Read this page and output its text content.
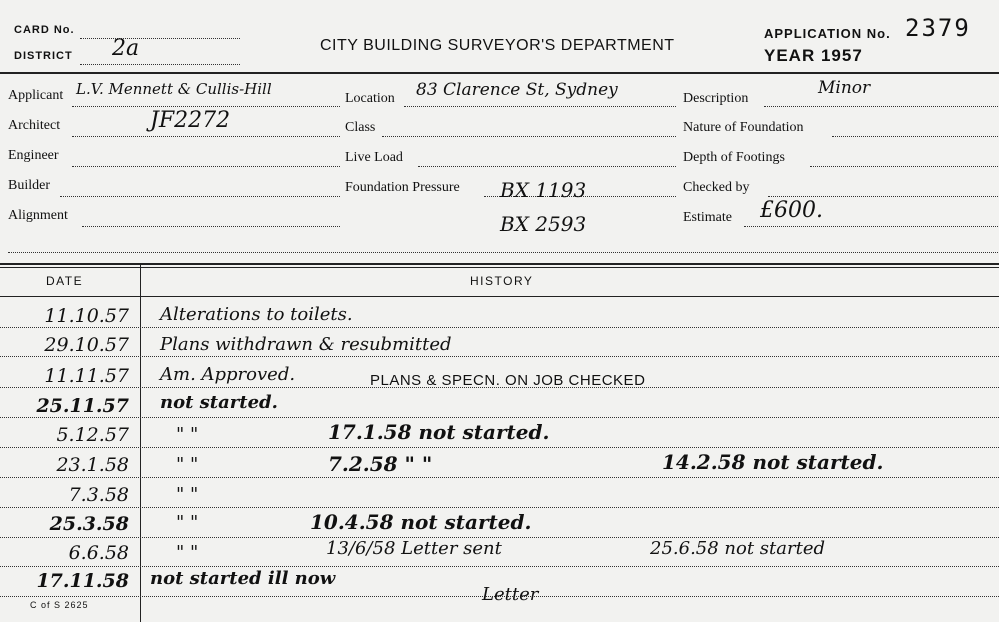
CARD No.
DISTRICT 2a	CITY BUILDING SURVEYOR'S DEPARTMENT
APPLICATION No. 2379
YEAR 1957
Applicant L.V. Mennett & Cullis-Hill
Architect	JF2272
Engineer
Builder
Alignment
Location 83 Clarence St, Sydney
Class
Live Load
Foundation Pressure BX 1193
BX 2593
Description
Minor
Nature of Foundation
Depth of Footings
Checked by
Estimate £600.
DATE	HISTORY
11.10.57 Alterations to toilets.
29.10.57 Plans withdrawn & resubmitted
11.11.57 Am. Approved.	PLANS & SPECN. ON JOB CHECKED
25.11.57 not started.
5.12.57	" "	17.1.58 not started.
23.1.58	" "	7.2.58 " "	14.2.58 not started.
7.3.58	" "
25.3.58	" "	10.4.58 not started.
6.6.58	" "	13/6/58 Letter sent	25.6.58 not started
17.11.58 not started ill now
Letter
C of S 2625
